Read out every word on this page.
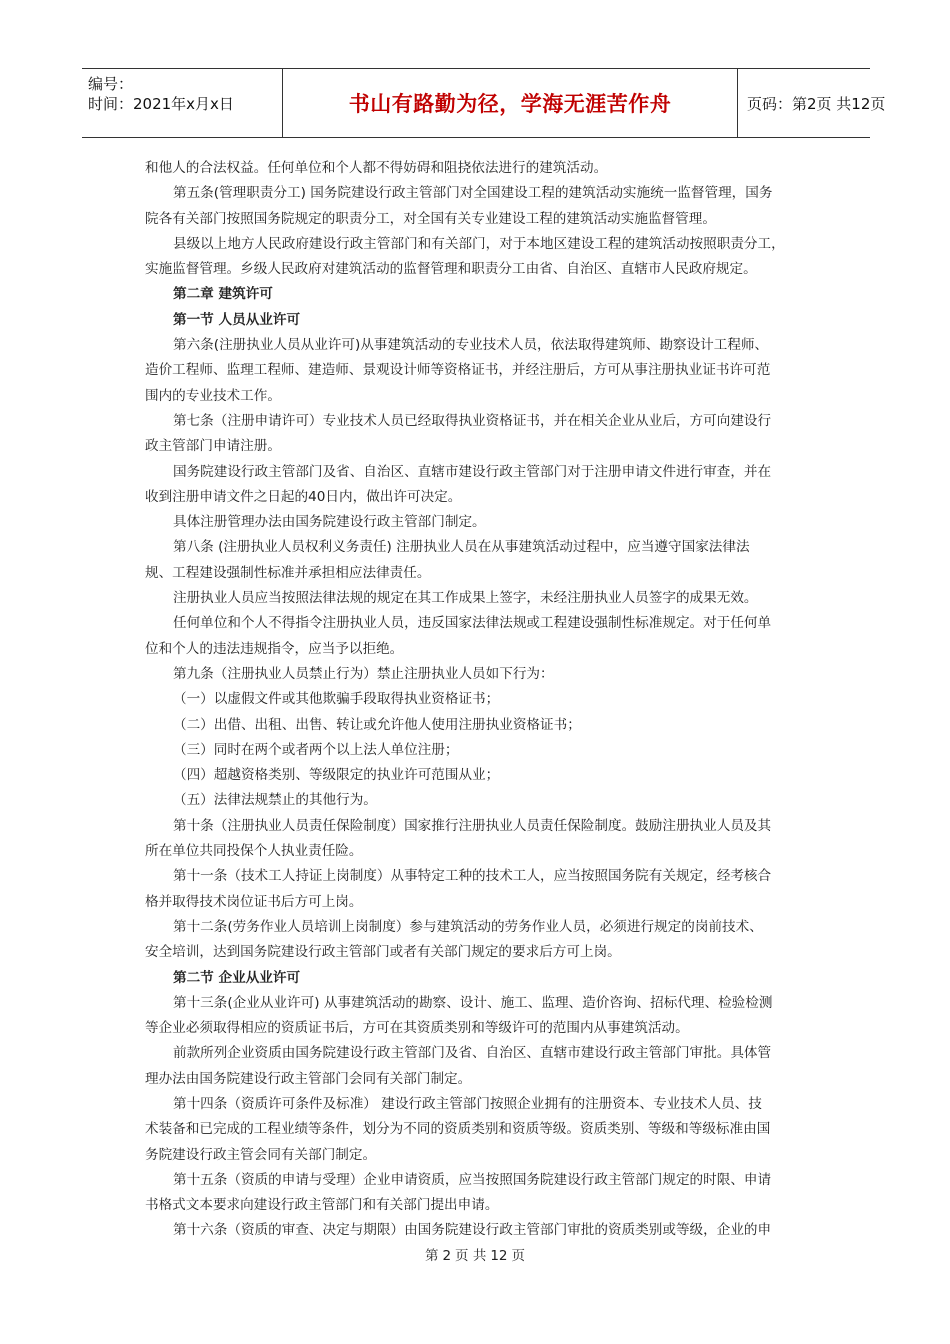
编号：
时间：2021年x月x日	书山有路勤为径，学海无涯苦作舟	页码：第2页 共12页

和他人的合法权益。任何单位和个人都不得妨碍和阻挠依法进行的建筑活动。

第五条(管理职责分工) 国务院建设行政主管部门对全国建设工程的建筑活动实施统一监督管理，国务

院各有关部门按照国务院规定的职责分工，对全国有关专业建设工程的建筑活动实施监督管理。

县级以上地方人民政府建设行政主管部门和有关部门，对于本地区建设工程的建筑活动按照职责分工，

实施监督管理。乡级人民政府对建筑活动的监督管理和职责分工由省、自治区、直辖市人民政府规定。

第二章 建筑许可

第一节 人员从业许可

第六条(注册执业人员从业许可)从事建筑活动的专业技术人员，依法取得建筑师、勘察设计工程师、

造价工程师、监理工程师、建造师、景观设计师等资格证书，并经注册后，方可从事注册执业证书许可范

围内的专业技术工作。

第七条（注册申请许可）专业技术人员已经取得执业资格证书，并在相关企业从业后，方可向建设行

政主管部门申请注册。

国务院建设行政主管部门及省、自治区、直辖市建设行政主管部门对于注册申请文件进行审查，并在

收到注册申请文件之日起的40日内，做出许可决定。

具体注册管理办法由国务院建设行政主管部门制定。

第八条 (注册执业人员权利义务责任) 注册执业人员在从事建筑活动过程中，应当遵守国家法律法

规、工程建设强制性标准并承担相应法律责任。

注册执业人员应当按照法律法规的规定在其工作成果上签字，未经注册执业人员签字的成果无效。

任何单位和个人不得指令注册执业人员，违反国家法律法规或工程建设强制性标准规定。对于任何单

位和个人的违法违规指令，应当予以拒绝。

第九条（注册执业人员禁止行为）禁止注册执业人员如下行为：

（一）以虚假文件或其他欺骗手段取得执业资格证书；

（二）出借、出租、出售、转让或允许他人使用注册执业资格证书；

（三）同时在两个或者两个以上法人单位注册；

（四）超越资格类别、等级限定的执业许可范围从业；

（五）法律法规禁止的其他行为。

第十条（注册执业人员责任保险制度）国家推行注册执业人员责任保险制度。鼓励注册执业人员及其

所在单位共同投保个人执业责任险。

第十一条（技术工人持证上岗制度）从事特定工种的技术工人，应当按照国务院有关规定，经考核合

格并取得技术岗位证书后方可上岗。

第十二条(劳务作业人员培训上岗制度）参与建筑活动的劳务作业人员，必须进行规定的岗前技术、

安全培训，达到国务院建设行政主管部门或者有关部门规定的要求后方可上岗。

第二节 企业从业许可

第十三条(企业从业许可) 从事建筑活动的勘察、设计、施工、监理、造价咨询、招标代理、检验检测

等企业必须取得相应的资质证书后，方可在其资质类别和等级许可的范围内从事建筑活动。

前款所列企业资质由国务院建设行政主管部门及省、自治区、直辖市建设行政主管部门审批。具体管

理办法由国务院建设行政主管部门会同有关部门制定。

第十四条（资质许可条件及标准） 建设行政主管部门按照企业拥有的注册资本、专业技术人员、技

术装备和已完成的工程业绩等条件，划分为不同的资质类别和资质等级。资质类别、等级和等级标准由国

务院建设行政主管会同有关部门制定。

第十五条（资质的申请与受理）企业申请资质，应当按照国务院建设行政主管部门规定的时限、申请

书格式文本要求向建设行政主管部门和有关部门提出申请。

第十六条（资质的审查、决定与期限）由国务院建设行政主管部门审批的资质类别或等级，企业的申

第 2 页 共 12 页
